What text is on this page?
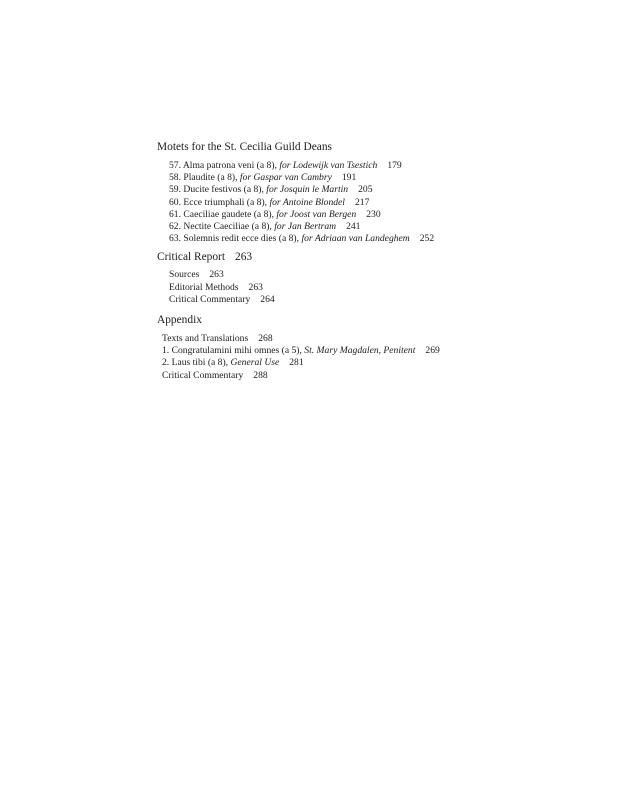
Motets for the St. Cecilia Guild Deans
57. Alma patrona veni (a 8), for Lodewijk van Tsestich 179
58. Plaudite (a 8), for Gaspar van Cambry 191
59. Ducite festivos (a 8), for Josquin le Martin 205
60. Ecce triumphali (a 8), for Antoine Blondel 217
61. Caeciliae gaudete (a 8), for Joost van Bergen 230
62. Nectite Caeciliae (a 8), for Jan Bertram 241
63. Solemnis redit ecce dies (a 8), for Adriaan van Landeghem 252
Critical Report 263
Sources 263
Editorial Methods 263
Critical Commentary 264
Appendix
Texts and Translations 268
1. Congratulamini mihi omnes (a 5), St. Mary Magdalen, Penitent 269
2. Laus tibi (a 8), General Use 281
Critical Commentary 288
